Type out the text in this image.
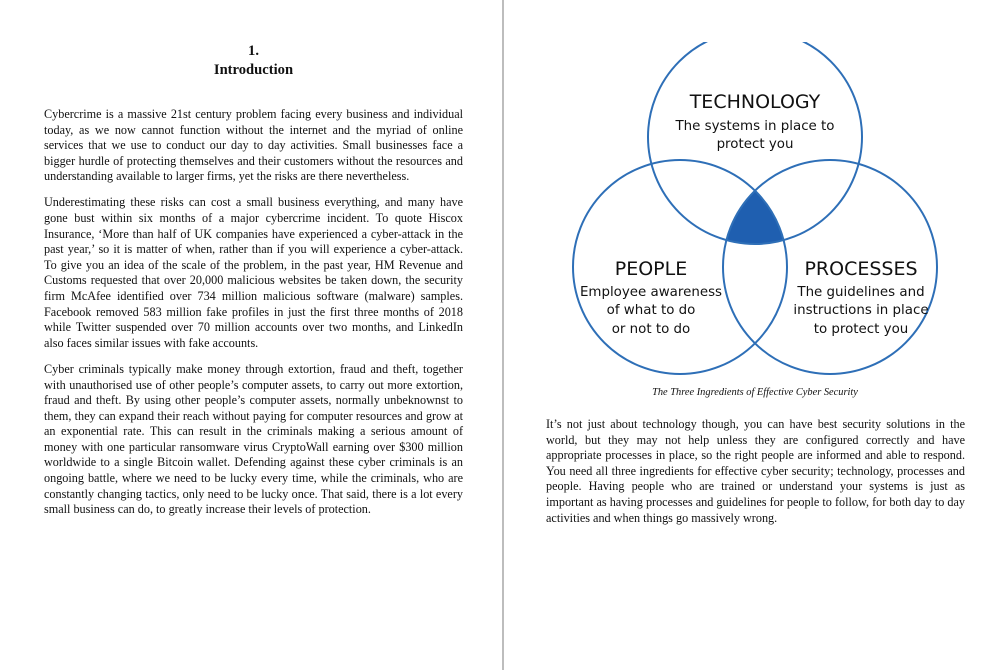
1.
Introduction

Cybercrime is a massive 21st century problem facing every business and individual today, as we now cannot function without the internet and the myriad of online services that we use to conduct our day to day activities. Small businesses face a bigger hurdle of protecting themselves and their customers without the resources and understanding available to larger firms, yet the risks are there nevertheless.

Underestimating these risks can cost a small business everything, and many have gone bust within six months of a major cybercrime incident. To quote Hiscox Insurance, ‘More than half of UK companies have experienced a cyber-attack in the past year,’ so it is matter of when, rather than if you will experience a cyber-attack. To give you an idea of the scale of the problem, in the past year, HM Revenue and Customs requested that over 20,000 malicious websites be taken down, the security firm McAfee identified over 734 million malicious software (malware) samples. Facebook removed 583 million fake profiles in just the first three months of 2018 while Twitter suspended over 70 million accounts over two months, and LinkedIn also faces similar issues with fake accounts.

Cyber criminals typically make money through extortion, fraud and theft, together with unauthorised use of other people’s computer assets, to carry out more extortion, fraud and theft. By using other people’s computer assets, normally unbeknownst to them, they can expand their reach without paying for computer resources and grow at an exponential rate. This can result in the criminals making a serious amount of money with one particular ransomware virus CryptoWall earning over $300 million worldwide to a single Bitcoin wallet. Defending against these cyber criminals is an ongoing battle, where we need to be lucky every time, while the criminals, who are constantly changing tactics, only need to be lucky once. That said, there is a lot every small business can do, to greatly increase their levels of protection.

TECHNOLOGY
The systems in place to
protect you
PEOPLE
Employee awareness
of what to do
or not to do
PROCESSES
The guidelines and
instructions in place
to protect you
The Three Ingredients of Effective Cyber Security

It’s not just about technology though, you can have best security solutions in the world, but they may not help unless they are configured correctly and have appropriate processes in place, so the right people are informed and able to respond. You need all three ingredients for effective cyber security; technology, processes and people. Having people who are trained or understand your systems is just as important as having processes and guidelines for people to follow, for both day to day activities and when things go massively wrong.
